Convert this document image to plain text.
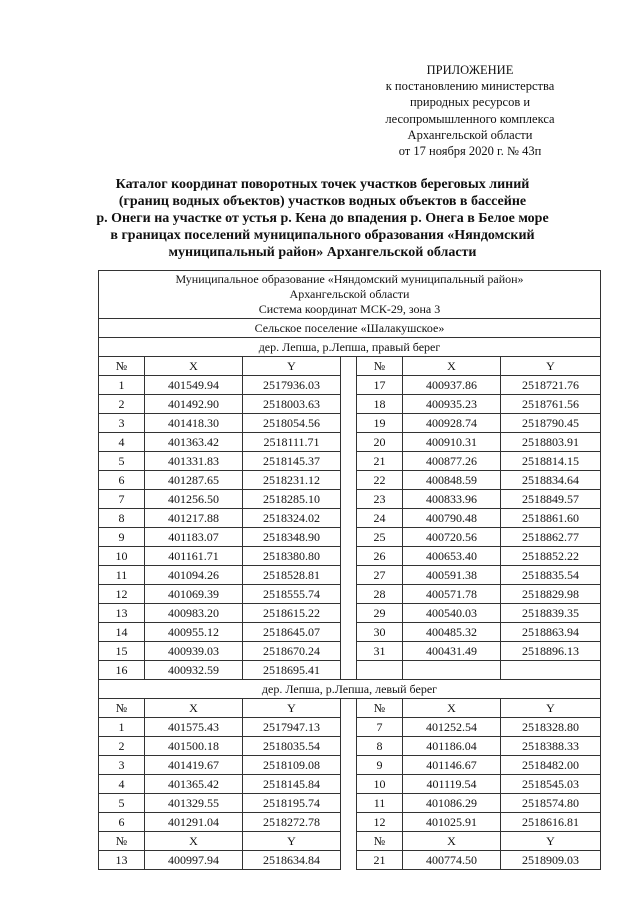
ПРИЛОЖЕНИЕ
к постановлению министерства
природных ресурсов и
лесопромышленного комплекса
Архангельской области
от 17 ноября 2020 г. № 43п
Каталог координат поворотных точек участков береговых линий
(границ водных объектов) участков водных объектов в бассейне
р. Онеги на участке от устья р. Кена до впадения р. Онега в Белое море
в границах поселений муниципального образования «Няндомский
муниципальный район» Архангельской области
Муниципальное образование «Няндомский муниципальный район»
Архангельской области
Система координат МСК-29, зона 3						

Сельское поселение «Шалакушское»						
дер. Лепша, р.Лепша, правый берег						
№	X	Y		№	X	Y
1	401549.94	2517936.03		17	400937.86	2518721.76
2	401492.90	2518003.63		18	400935.23	2518761.56
3	401418.30	2518054.56		19	400928.74	2518790.45
4	401363.42	2518111.71		20	400910.31	2518803.91
5	401331.83	2518145.37		21	400877.26	2518814.15
6	401287.65	2518231.12		22	400848.59	2518834.64
7	401256.50	2518285.10		23	400833.96	2518849.57
8	401217.88	2518324.02		24	400790.48	2518861.60
9	401183.07	2518348.90		25	400720.56	2518862.77
10	401161.71	2518380.80		26	400653.40	2518852.22
11	401094.26	2518528.81		27	400591.38	2518835.54
12	401069.39	2518555.74		28	400571.78	2518829.98
13	400983.20	2518615.22		29	400540.03	2518839.35
14	400955.12	2518645.07		30	400485.32	2518863.94
15	400939.03	2518670.24		31	400431.49	2518896.13
16	400932.59	2518695.41				
дер. Лепша, р.Лепша, левый берег						
№	X	Y		№	X	Y
1	401575.43	2517947.13		7	401252.54	2518328.80
2	401500.18	2518035.54		8	401186.04	2518388.33
3	401419.67	2518109.08		9	401146.67	2518482.00
4	401365.42	2518145.84		10	401119.54	2518545.03
5	401329.55	2518195.74		11	401086.29	2518574.80
6	401291.04	2518272.78		12	401025.91	2518616.81
№	X	Y		№	X	Y
13	400997.94	2518634.84		21	400774.50	2518909.03
